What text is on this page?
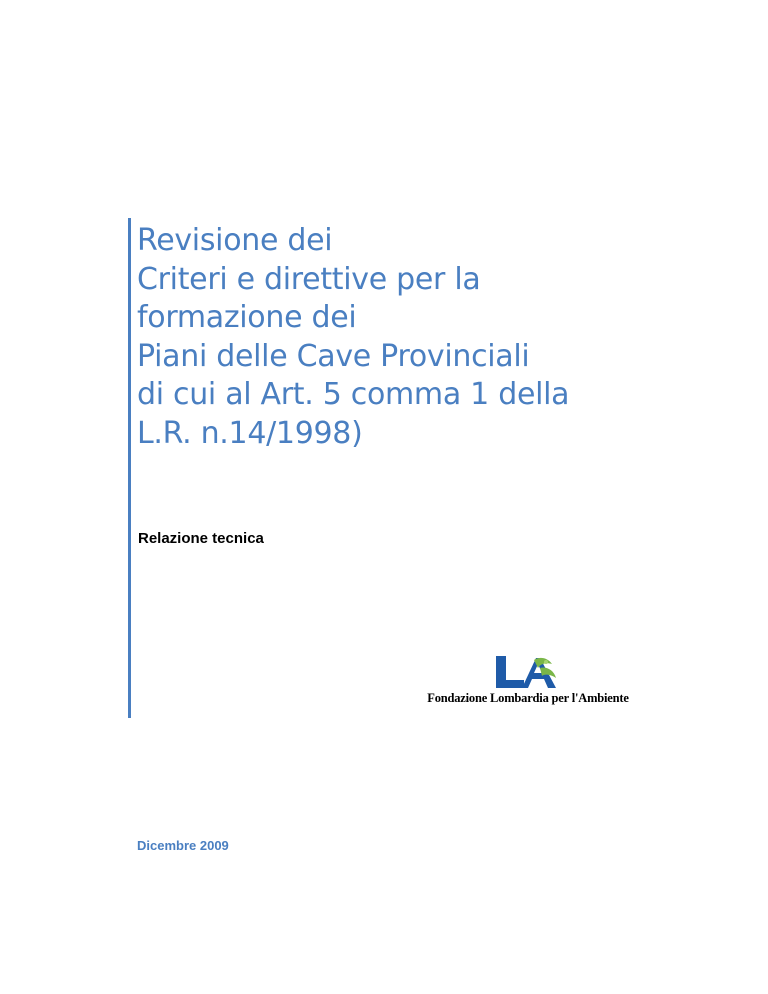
Revisione dei
Criteri e direttive per la
formazione dei
Piani delle Cave Provinciali
di cui al Art. 5 comma 1 della
L.R. n.14/1998)
Relazione tecnica
Fondazione Lombardia per l'Ambiente
Dicembre 2009
